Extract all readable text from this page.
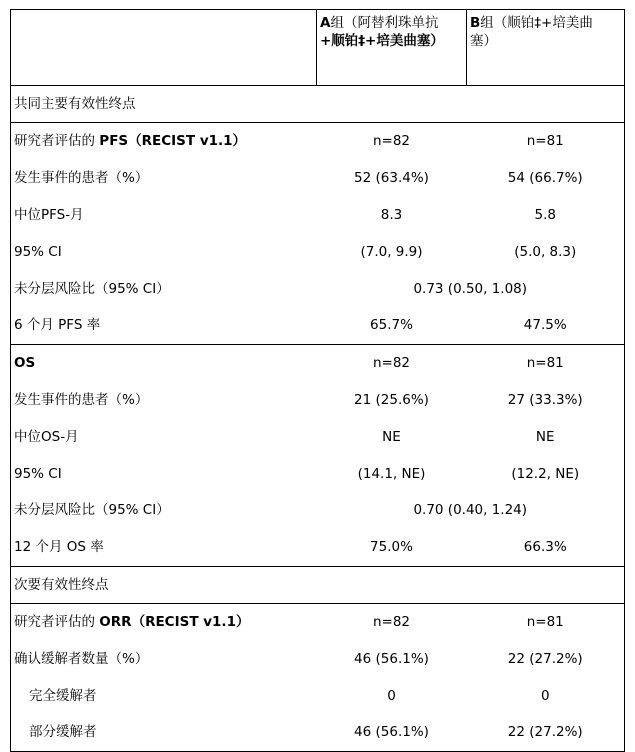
	A组（阿替利珠单抗
+顺铂‡+培美曲塞）	B组（顺铂‡+培美曲
塞）
共同主要有效性终点		
研究者评估的 PFS（RECIST v1.1）	n=82	n=81
发生事件的患者（%）	52 (63.4%)	54 (66.7%)
中位PFS-月	8.3	5.8
95% CI	(7.0, 9.9)	(5.0, 8.3)
未分层风险比（95% CI）	0.73 (0.50, 1.08)	
6 个月 PFS 率	65.7%	47.5%
OS	n=82	n=81
发生事件的患者（%）	21 (25.6%)	27 (33.3%)
中位OS-月	NE	NE
95% CI	(14.1, NE)	(12.2, NE)
未分层风险比（95% CI）	0.70 (0.40, 1.24)	
12 个月 OS 率	75.0%	66.3%
次要有效性终点		
研究者评估的 ORR（RECIST v1.1）	n=82	n=81
确认缓解者数量（%）	46 (56.1%)	22 (27.2%)
完全缓解者	0	0
部分缓解者	46 (56.1%)	22 (27.2%)
